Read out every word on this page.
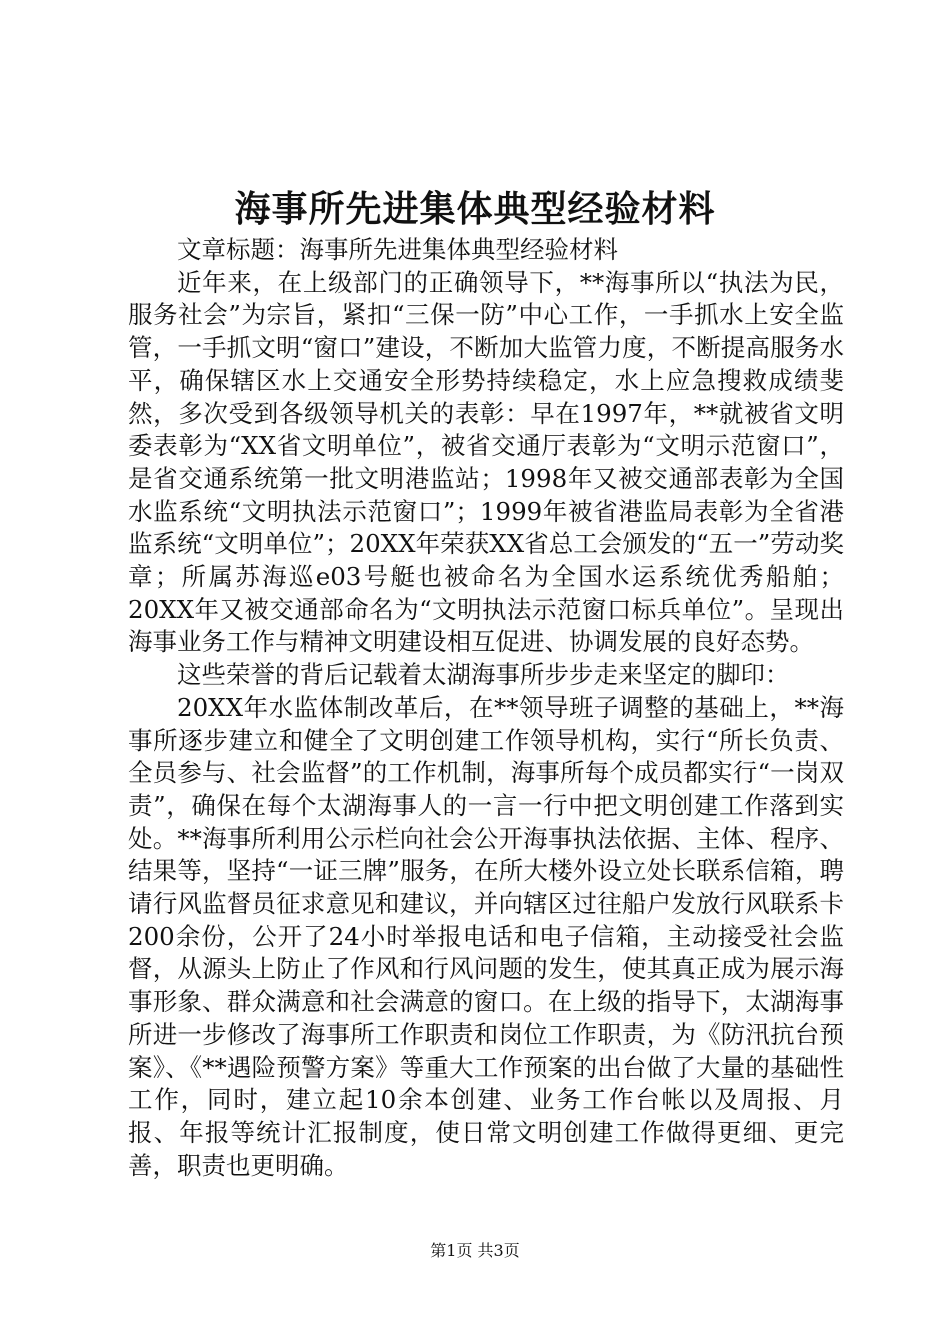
海事所先进集体典型经验材料

文章标题：海事所先进集体典型经验材料

近年来，在上级部门的正确领导下，**海事所以“执法为民，服务社会”为宗旨，紧扣“三保一防”中心工作，一手抓水上安全监管，一手抓文明“窗口”建设，不断加大监管力度，不断提高服务水平，确保辖区水上交通安全形势持续稳定，水上应急搜救成绩斐然，多次受到各级领导机关的表彰：早在1997年，**就被省文明委表彰为“XX省文明单位”，被省交通厅表彰为“文明示范窗口”，是省交通系统第一批文明港监站；1998年又被交通部表彰为全国水监系统“文明执法示范窗口”；1999年被省港监局表彰为全省港监系统“文明单位”；20XX年荣获XX省总工会颁发的“五一”劳动奖章；所属苏海巡e03号艇也被命名为全国水运系统优秀船舶；20XX年又被交通部命名为“文明执法示范窗口标兵单位”。呈现出海事业务工作与精神文明建设相互促进、协调发展的良好态势。

这些荣誉的背后记载着太湖海事所步步走来坚定的脚印：

20XX年水监体制改革后，在**领导班子调整的基础上，**海事所逐步建立和健全了文明创建工作领导机构，实行“所长负责、全员参与、社会监督”的工作机制，海事所每个成员都实行“一岗双责”，确保在每个太湖海事人的一言一行中把文明创建工作落到实处。**海事所利用公示栏向社会公开海事执法依据、主体、程序、结果等，坚持“一证三牌”服务，在所大楼外设立处长联系信箱，聘请行风监督员征求意见和建议，并向辖区过往船户发放行风联系卡200余份，公开了24小时举报电话和电子信箱，主动接受社会监督，从源头上防止了作风和行风问题的发生，使其真正成为展示海事形象、群众满意和社会满意的窗口。在上级的指导下，太湖海事所进一步修改了海事所工作职责和岗位工作职责，为《防汛抗台预案》、《**遇险预警方案》等重大工作预案的出台做了大量的基础性工作，同时，建立起10余本创建、业务工作台帐以及周报、月报、年报等统计汇报制度，使日常文明创建工作做得更细、更完善，职责也更明确。

第1页 共3页
